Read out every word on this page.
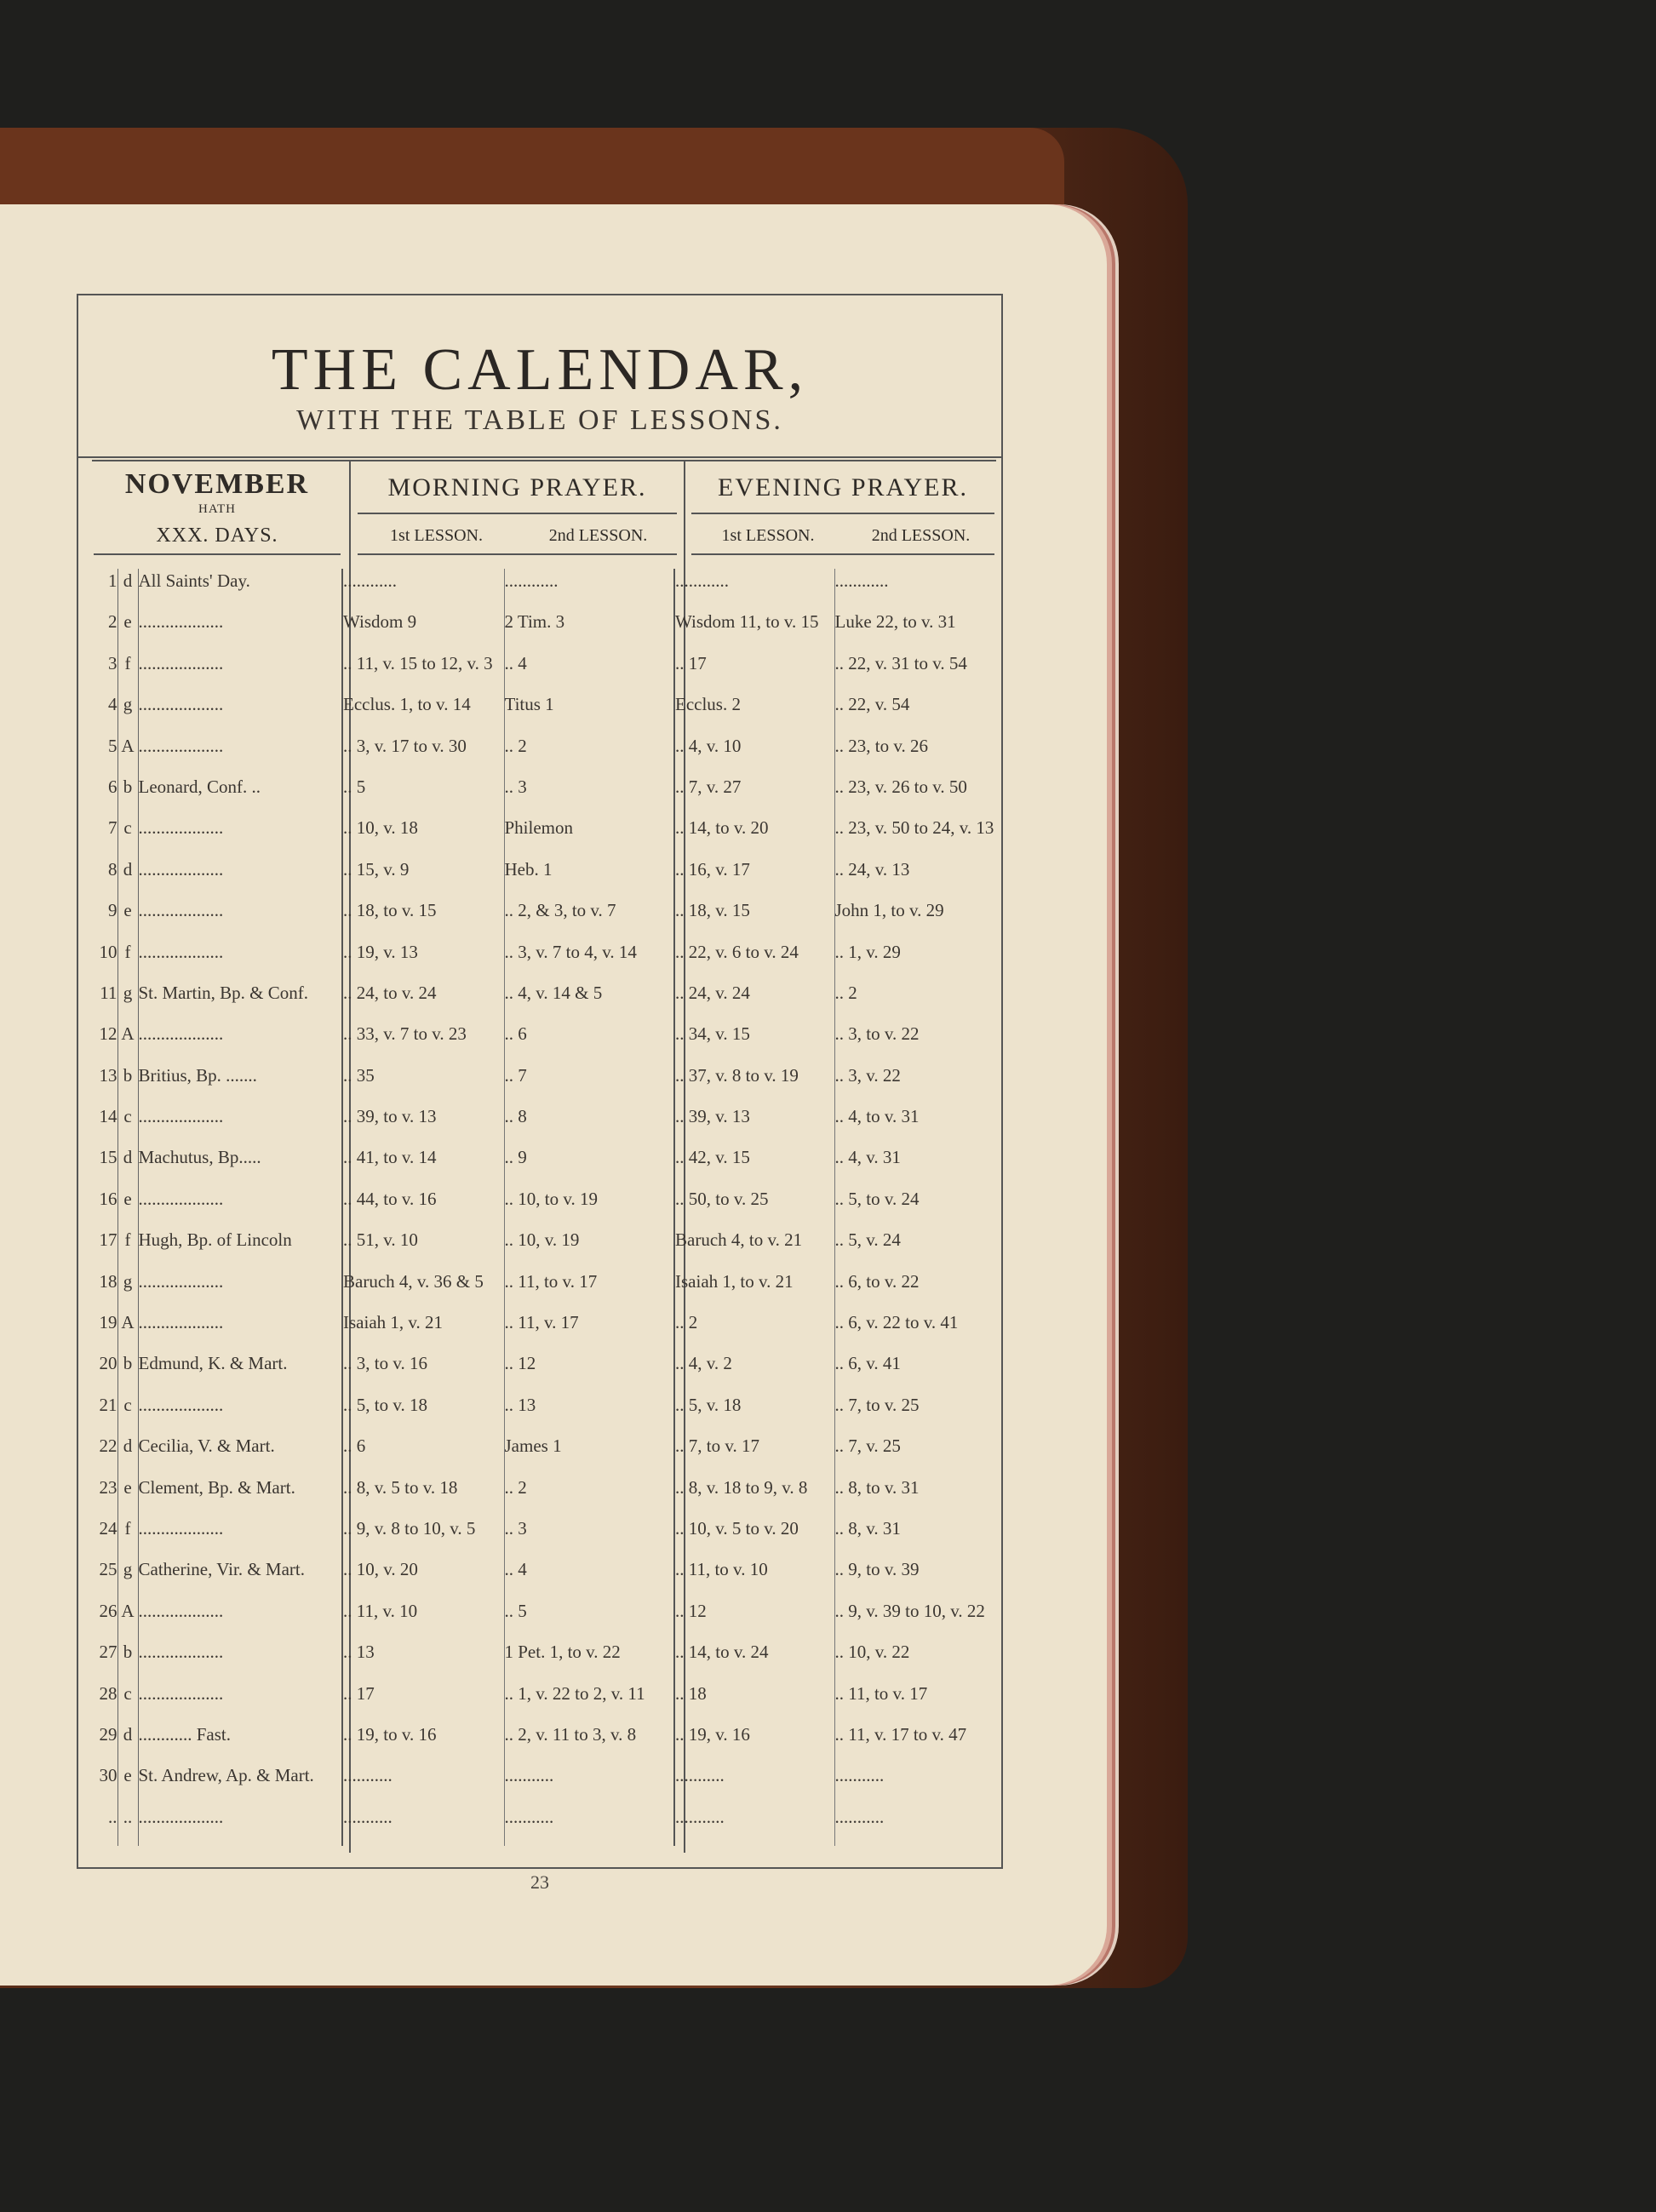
THE CALENDAR,
WITH THE TABLE OF LESSONS.
NOVEMBER
HATH
XXX. DAYS.
MORNING PRAYER.	EVENING PRAYER.
1st LESSON.	2nd LESSON.	1st LESSON.	2nd LESSON.
1	d	All Saints' Day.	............	............	............	............
2	e	...................	Wisdom 9	2 Tim. 3	Wisdom 11, to v. 15	Luke 22, to v. 31
3	f	...................	.. 11, v. 15 to 12, v. 3	.. 4	.. 17	.. 22, v. 31 to v. 54
4	g	...................	Ecclus. 1, to v. 14	Titus 1	Ecclus. 2	.. 22, v. 54
5	A	...................	.. 3, v. 17 to v. 30	.. 2	.. 4, v. 10	.. 23, to v. 26
6	b	Leonard, Conf. ..	.. 5	.. 3	.. 7, v. 27	.. 23, v. 26 to v. 50
7	c	...................	.. 10, v. 18	Philemon	.. 14, to v. 20	.. 23, v. 50 to 24, v. 13
8	d	...................	.. 15, v. 9	Heb. 1	.. 16, v. 17	.. 24, v. 13
9	e	...................	.. 18, to v. 15	.. 2, & 3, to v. 7	.. 18, v. 15	John 1, to v. 29
10	f	...................	.. 19, v. 13	.. 3, v. 7 to 4, v. 14	.. 22, v. 6 to v. 24	.. 1, v. 29
11	g	St. Martin, Bp. & Conf.	.. 24, to v. 24	.. 4, v. 14 & 5	.. 24, v. 24	.. 2
12	A	...................	.. 33, v. 7 to v. 23	.. 6	.. 34, v. 15	.. 3, to v. 22
13	b	Britius, Bp. .......	.. 35	.. 7	.. 37, v. 8 to v. 19	.. 3, v. 22
14	c	...................	.. 39, to v. 13	.. 8	.. 39, v. 13	.. 4, to v. 31
15	d	Machutus, Bp.....	.. 41, to v. 14	.. 9	.. 42, v. 15	.. 4, v. 31
16	e	...................	.. 44, to v. 16	.. 10, to v. 19	.. 50, to v. 25	.. 5, to v. 24
17	f	Hugh, Bp. of Lincoln	.. 51, v. 10	.. 10, v. 19	Baruch 4, to v. 21	.. 5, v. 24
18	g	...................	Baruch 4, v. 36 & 5	.. 11, to v. 17	Isaiah 1, to v. 21	.. 6, to v. 22
19	A	...................	Isaiah 1, v. 21	.. 11, v. 17	.. 2	.. 6, v. 22 to v. 41
20	b	Edmund, K. & Mart.	.. 3, to v. 16	.. 12	.. 4, v. 2	.. 6, v. 41
21	c	...................	.. 5, to v. 18	.. 13	.. 5, v. 18	.. 7, to v. 25
22	d	Cecilia, V. & Mart.	.. 6	James 1	.. 7, to v. 17	.. 7, v. 25
23	e	Clement, Bp. & Mart.	.. 8, v. 5 to v. 18	.. 2	.. 8, v. 18 to 9, v. 8	.. 8, to v. 31
24	f	...................	.. 9, v. 8 to 10, v. 5	.. 3	.. 10, v. 5 to v. 20	.. 8, v. 31
25	g	Catherine, Vir. & Mart.	.. 10, v. 20	.. 4	.. 11, to v. 10	.. 9, to v. 39
26	A	...................	.. 11, v. 10	.. 5	.. 12	.. 9, v. 39 to 10, v. 22
27	b	...................	.. 13	1 Pet. 1, to v. 22	.. 14, to v. 24	.. 10, v. 22
28	c	...................	.. 17	.. 1, v. 22 to 2, v. 11	.. 18	.. 11, to v. 17
29	d	............ Fast.	.. 19, to v. 16	.. 2, v. 11 to 3, v. 8	.. 19, v. 16	.. 11, v. 17 to v. 47
30	e	St. Andrew, Ap. & Mart.	...........	...........	...........	...........
..	..	...................	...........	...........	...........	...........
23
